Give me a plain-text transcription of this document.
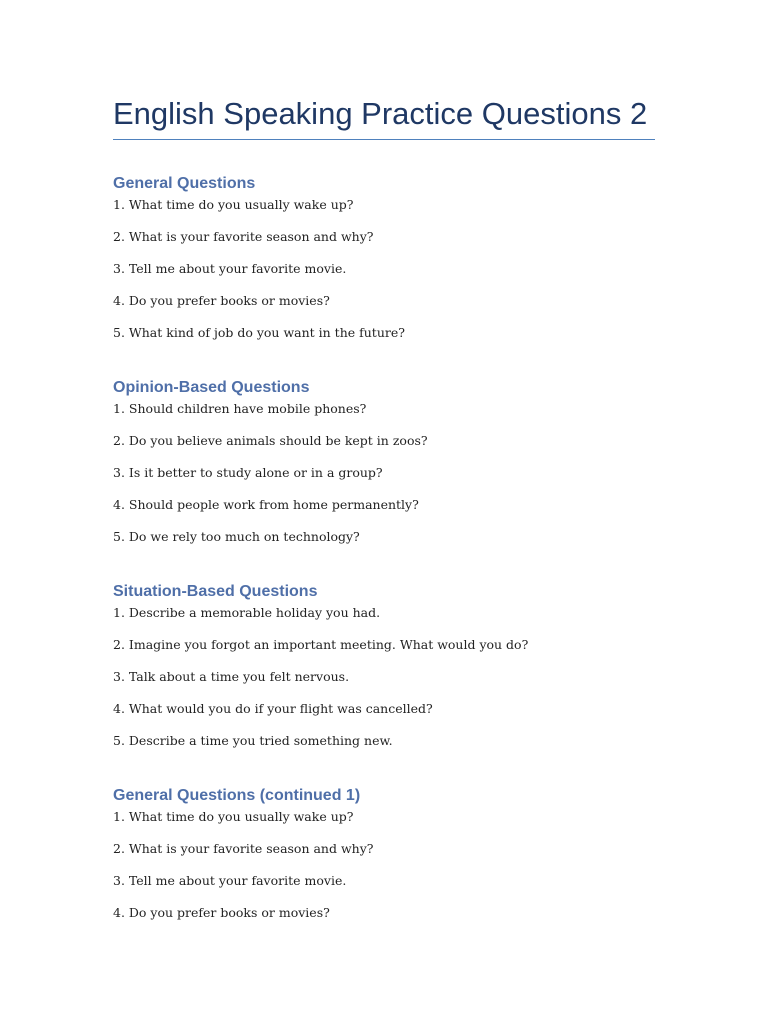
English Speaking Practice Questions 2
General Questions
1. What time do you usually wake up?
2. What is your favorite season and why?
3. Tell me about your favorite movie.
4. Do you prefer books or movies?
5. What kind of job do you want in the future?
Opinion-Based Questions
1. Should children have mobile phones?
2. Do you believe animals should be kept in zoos?
3. Is it better to study alone or in a group?
4. Should people work from home permanently?
5. Do we rely too much on technology?
Situation-Based Questions
1. Describe a memorable holiday you had.
2. Imagine you forgot an important meeting. What would you do?
3. Talk about a time you felt nervous.
4. What would you do if your flight was cancelled?
5. Describe a time you tried something new.
General Questions (continued 1)
1. What time do you usually wake up?
2. What is your favorite season and why?
3. Tell me about your favorite movie.
4. Do you prefer books or movies?
